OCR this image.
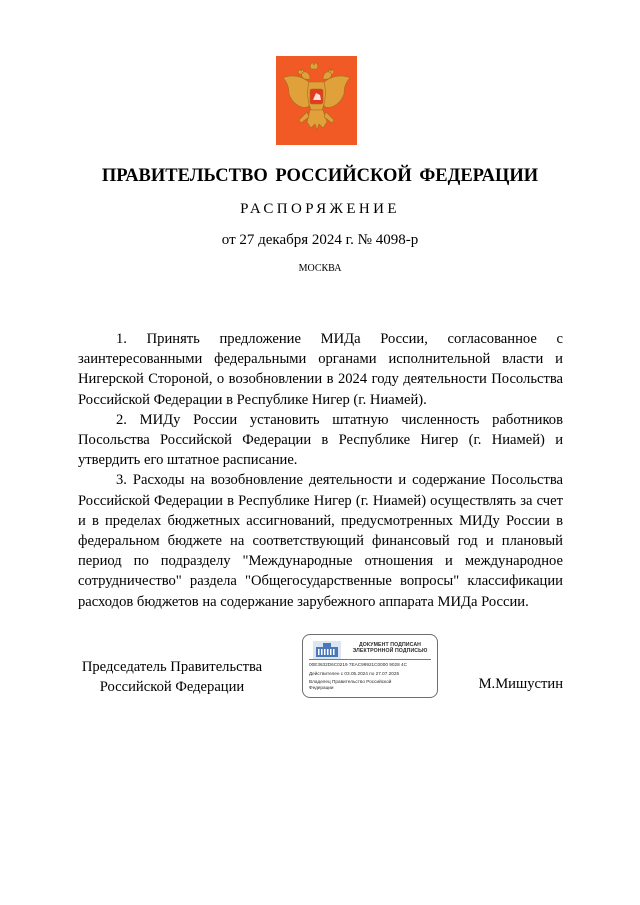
ПРАВИТЕЛЬСТВО РОССИЙСКОЙ ФЕДЕРАЦИИ
РАСПОРЯЖЕНИЕ
от 27 декабря 2024 г. № 4098-р
МОСКВА

1. Принять предложение МИДа России, согласованное с заинтересованными федеральными органами исполнительной власти и Нигерской Стороной, о возобновлении в 2024 году деятельности Посольства Российской Федерации в Республике Нигер (г. Ниамей).

2. МИДу России установить штатную численность работников Посольства Российской Федерации в Республике Нигер (г. Ниамей) и утвердить его штатное расписание.

3. Расходы на возобновление деятельности и содержание Посольства Российской Федерации в Республике Нигер (г. Ниамей) осуществлять за счет и в пределах бюджетных ассигнований, предусмотренных МИДу России в федеральном бюджете на соответствующий финансовый год и плановый период по подразделу "Международные отношения и международное сотрудничество" раздела "Общегосударственные вопросы" классификации расходов бюджетов на содержание зарубежного аппарата МИДа России.

Председатель Правительства
Российской Федерации
ДОКУМЕНТ ПОДПИСАН
ЭЛЕКТРОННОЙ ПОДПИСЬЮ
00E3632D6C0219 7EAC99921C0000 9028 4C
Действителен с 03.05.2024 по 27.07.2025
Владелец Правительство Российской
Федерации	М.Мишустин
